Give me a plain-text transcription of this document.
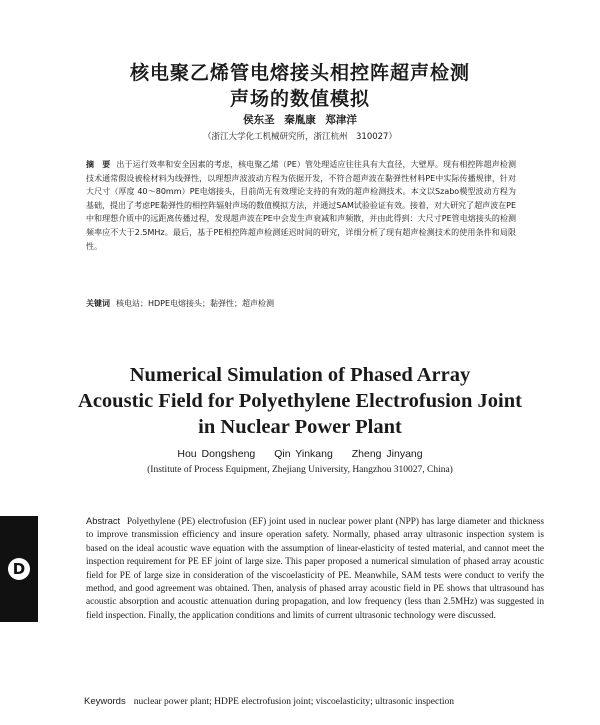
核电聚乙烯管电熔接头相控阵超声检测
声场的数值模拟
侯东圣 秦胤康 郑津洋
（浙江大学化工机械研究所，浙江杭州　310027）
摘　要 出于运行效率和安全因素的考虑，核电聚乙烯（PE）管处理适应往往具有大直径，大壁厚。现有相控阵超声检测技术通常假设被检材料为线弹性，以理想声波波动方程为依据开发，不符合超声波在黏弹性材料PE中实际传播规律，针对大尺寸（厚度 40～80mm）PE电熔接头，目前尚无有效理论支持的有效的超声检测技术。本文以Szabo模型波动方程为基础，提出了考虑PE黏弹性的相控阵辐射声场的数值模拟方法，并通过SAM试验验证有效。接着，对大研究了超声波在PE中和理想介质中的远距离传播过程，发现超声波在PE中会发生声衰减和声频散，并由此得到：大尺寸PE管电熔接头的检测频率应不大于2.5MHz。最后，基于PE相控阵超声检测延迟时间的研究，详细分析了现有超声检测技术的使用条件和局限性。
关键词 核电站；HDPE电熔接头；黏弹性；超声检测
Numerical Simulation of Phased Array
Acoustic Field for Polyethylene Electrofusion Joint
in Nuclear Power Plant
Hou Dongsheng Qin Yinkang Zheng Jinyang
(Institute of Process Equipment, Zhejiang University, Hangzhou 310027, China)
D
Abstract Polyethylene (PE) electrofusion (EF) joint used in nuclear power plant (NPP) has large diameter and thickness to improve transmission efficiency and insure operation safety. Normally, phased array ultrasonic inspection system is based on the ideal acoustic wave equation with the assumption of linear-elasticity of tested material, and cannot meet the inspection requirement for PE EF joint of large size. This paper proposed a numerical simulation of phased array acoustic field for PE of large size in consideration of the viscoelasticity of PE. Meanwhile, SAM tests were conduct to verify the method, and good agreement was obtained. Then, analysis of phased array acoustic field in PE shows that ultrasound has acoustic absorption and acoustic attenuation during propagation, and low frequency (less than 2.5MHz) was suggested in field inspection. Finally, the application conditions and limits of current ultrasonic technology were discussed.
Keywords nuclear power plant; HDPE electrofusion joint; viscoelasticity; ultrasonic inspection
